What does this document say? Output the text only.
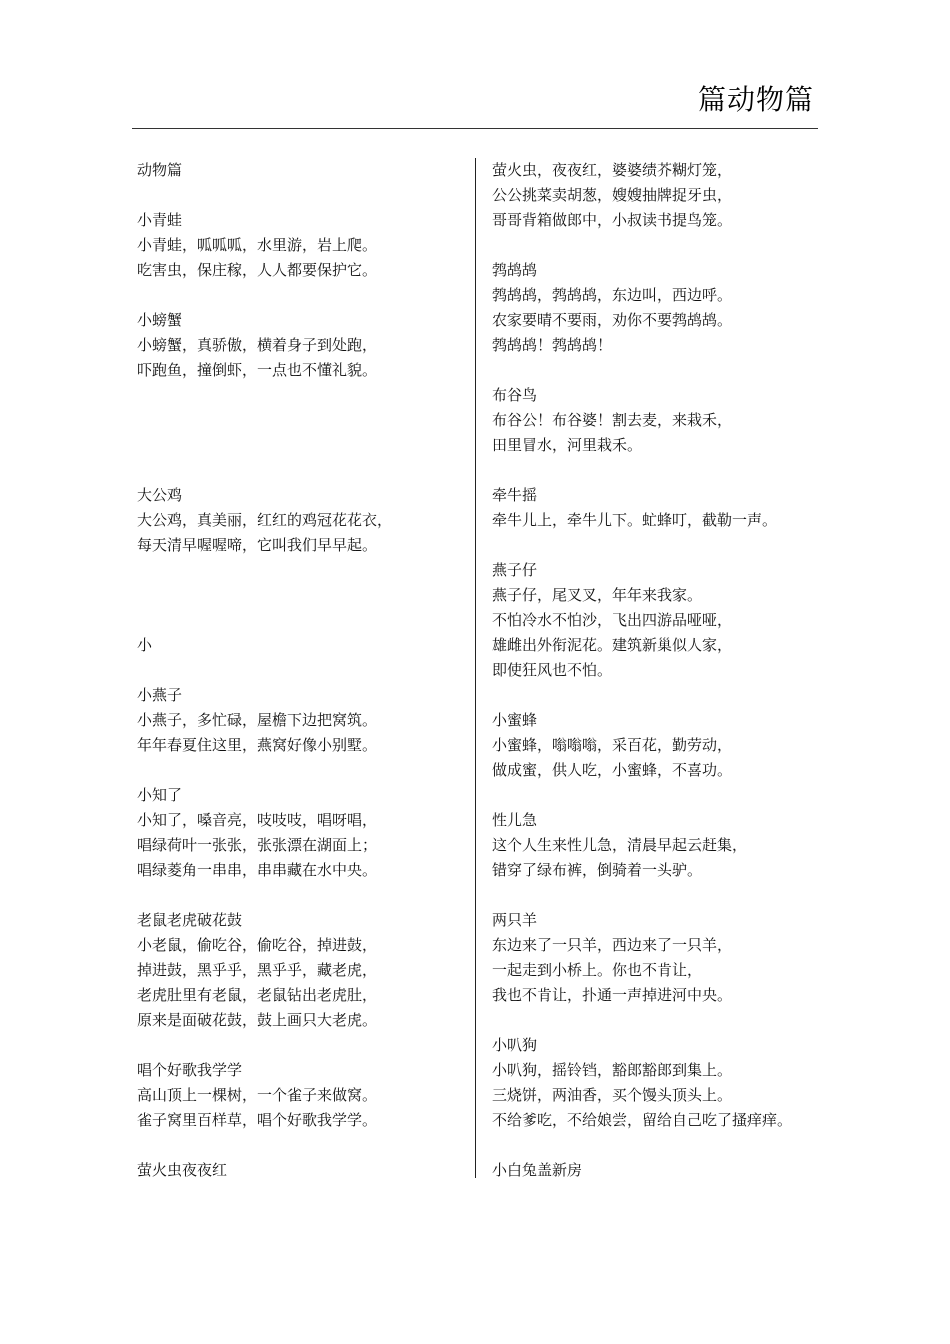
篇动物篇
动物篇
小青蛙
小青蛙，呱呱呱，水里游，岩上爬。
吃害虫，保庄稼，人人都要保护它。
小螃蟹
小螃蟹，真骄傲，横着身子到处跑，
吓跑鱼，撞倒虾，一点也不懂礼貌。
大公鸡
大公鸡，真美丽，红红的鸡冠花花衣，
每天清早喔喔啼，它叫我们早早起。
小
小燕子
小燕子，多忙碌，屋檐下边把窝筑。
年年春夏住这里，燕窝好像小别墅。
小知了
小知了，嗓音亮，吱吱吱，唱呀唱，
唱绿荷叶一张张，张张漂在湖面上；
唱绿菱角一串串，串串藏在水中央。
老鼠老虎破花鼓
小老鼠，偷吃谷，偷吃谷，掉进鼓，
掉进鼓，黑乎乎，黑乎乎，藏老虎，
老虎肚里有老鼠，老鼠钻出老虎肚，
原来是面破花鼓，鼓上画只大老虎。
唱个好歌我学学
高山顶上一棵树，一个雀子来做窝。
雀子窝里百样草，唱个好歌我学学。
萤火虫夜夜红
萤火虫，夜夜红，婆婆绩芥糊灯笼，
公公挑菜卖胡葱，嫂嫂抽牌捉牙虫，
哥哥背箱做郎中，小叔读书提鸟笼。
鹁鸪鸪
鹁鸪鸪，鹁鸪鸪，东边叫，西边呼。
农家要晴不要雨，劝你不要鹁鸪鸪。
鹁鸪鸪！鹁鸪鸪！
布谷鸟
布谷公！布谷婆！割去麦，来栽禾，
田里冒水，河里栽禾。
牵牛摇
牵牛儿上，牵牛儿下。虻蜂叮，截勒一声。
燕子仔
燕子仔，尾叉叉，年年来我家。
不怕冷水不怕沙，飞出四游品哑哑，
雄雌出外衔泥花。建筑新巢似人家，
即使狂风也不怕。
小蜜蜂
小蜜蜂，嗡嗡嗡，采百花，勤劳动，
做成蜜，供人吃，小蜜蜂，不喜功。
性儿急
这个人生来性儿急，清晨早起云赶集，
错穿了绿布裤，倒骑着一头驴。
两只羊
东边来了一只羊，西边来了一只羊，
一起走到小桥上。你也不肯让，
我也不肯让，扑通一声掉进河中央。
小叭狗
小叭狗，摇铃铛，豁郎豁郎到集上。
三烧饼，两油香，买个馒头顶头上。
不给爹吃，不给娘尝，留给自己吃了搔痒痒。
小白兔盖新房
